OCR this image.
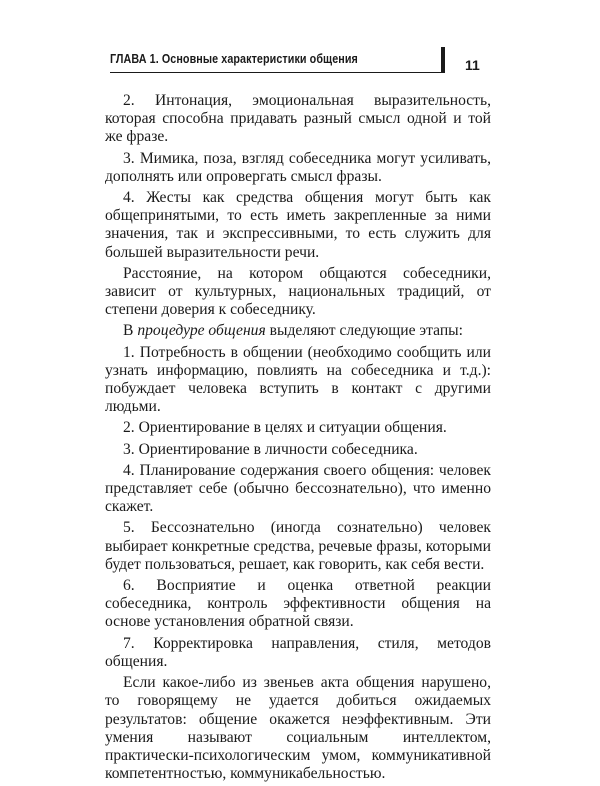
ГЛАВА 1. Основные характеристики общения	11

2. Интонация, эмоциональная выразительность, которая способна придавать разный смысл одной и той же фразе.

3. Мимика, поза, взгляд собеседника могут усиливать, дополнять или опровергать смысл фразы.

4. Жесты как средства общения могут быть как общепринятыми, то есть иметь закрепленные за ними значения, так и экспрессивными, то есть служить для большей выразительности речи.

Расстояние, на котором общаются собеседники, зависит от культурных, национальных традиций, от степени доверия к собеседнику.

В процедуре общения выделяют следующие этапы:

1. Потребность в общении (необходимо сообщить или узнать информацию, повлиять на собеседника и т.д.): побуждает человека вступить в контакт с другими людьми.

2. Ориентирование в целях и ситуации общения.

3. Ориентирование в личности собеседника.

4. Планирование содержания своего общения: человек представляет себе (обычно бессознательно), что именно скажет.

5. Бессознательно (иногда сознательно) человек выбирает конкретные средства, речевые фразы, которыми будет пользоваться, решает, как говорить, как себя вести.

6. Восприятие и оценка ответной реакции собеседника, контроль эффективности общения на основе установления обратной связи.

7. Корректировка направления, стиля, методов общения.

Если какое-либо из звеньев акта общения нарушено, то говорящему не удается добиться ожидаемых результатов: общение окажется неэффективным. Эти умения называют социальным интеллектом, практически-психологическим умом, коммуникативной компетентностью, коммуникабельностью.
